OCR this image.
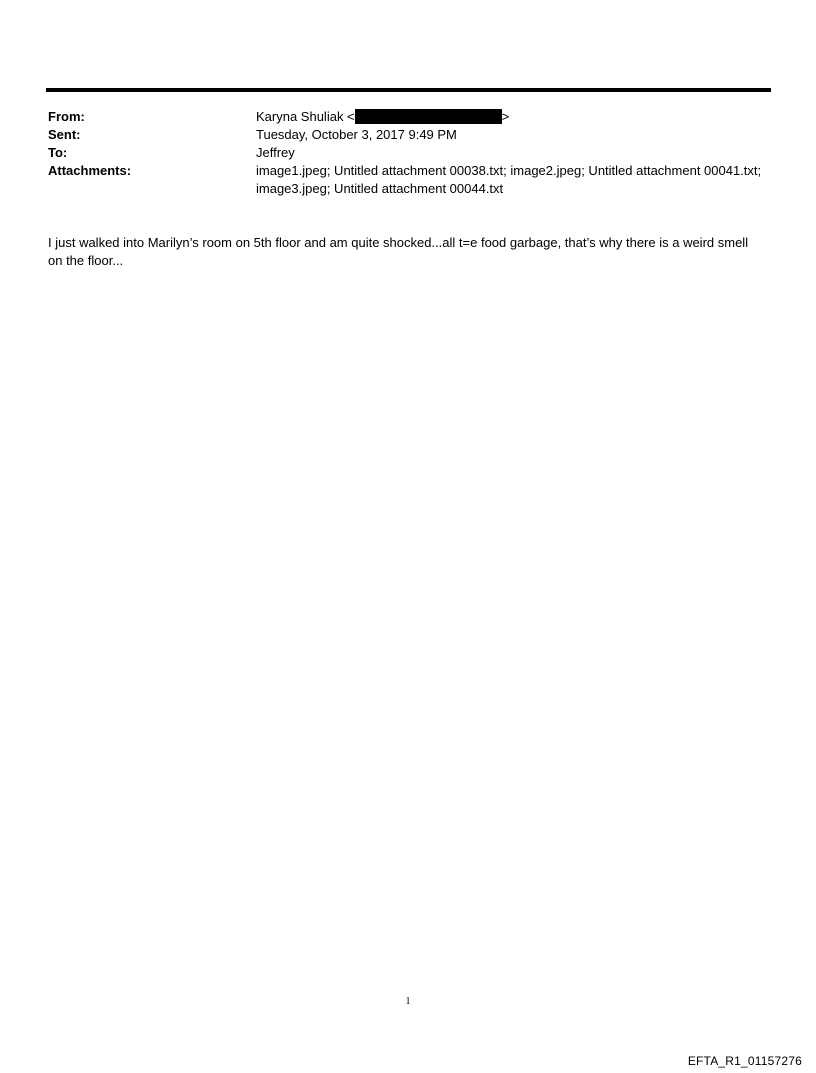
From:	Karyna Shuliak <	>
Sent:	Tuesday, October 3, 2017 9:49 PM
To:	Jeffrey
Attachments:	image1.jpeg; Untitled attachment 00038.txt; image2.jpeg; Untitled attachment 00041.txt; image3.jpeg; Untitled attachment 00044.txt
I just walked into Marilyn’s room on 5th floor and am quite shocked...all t=e food garbage, that’s why there is a weird smell on the floor...
1
EFTA_R1_01157276
